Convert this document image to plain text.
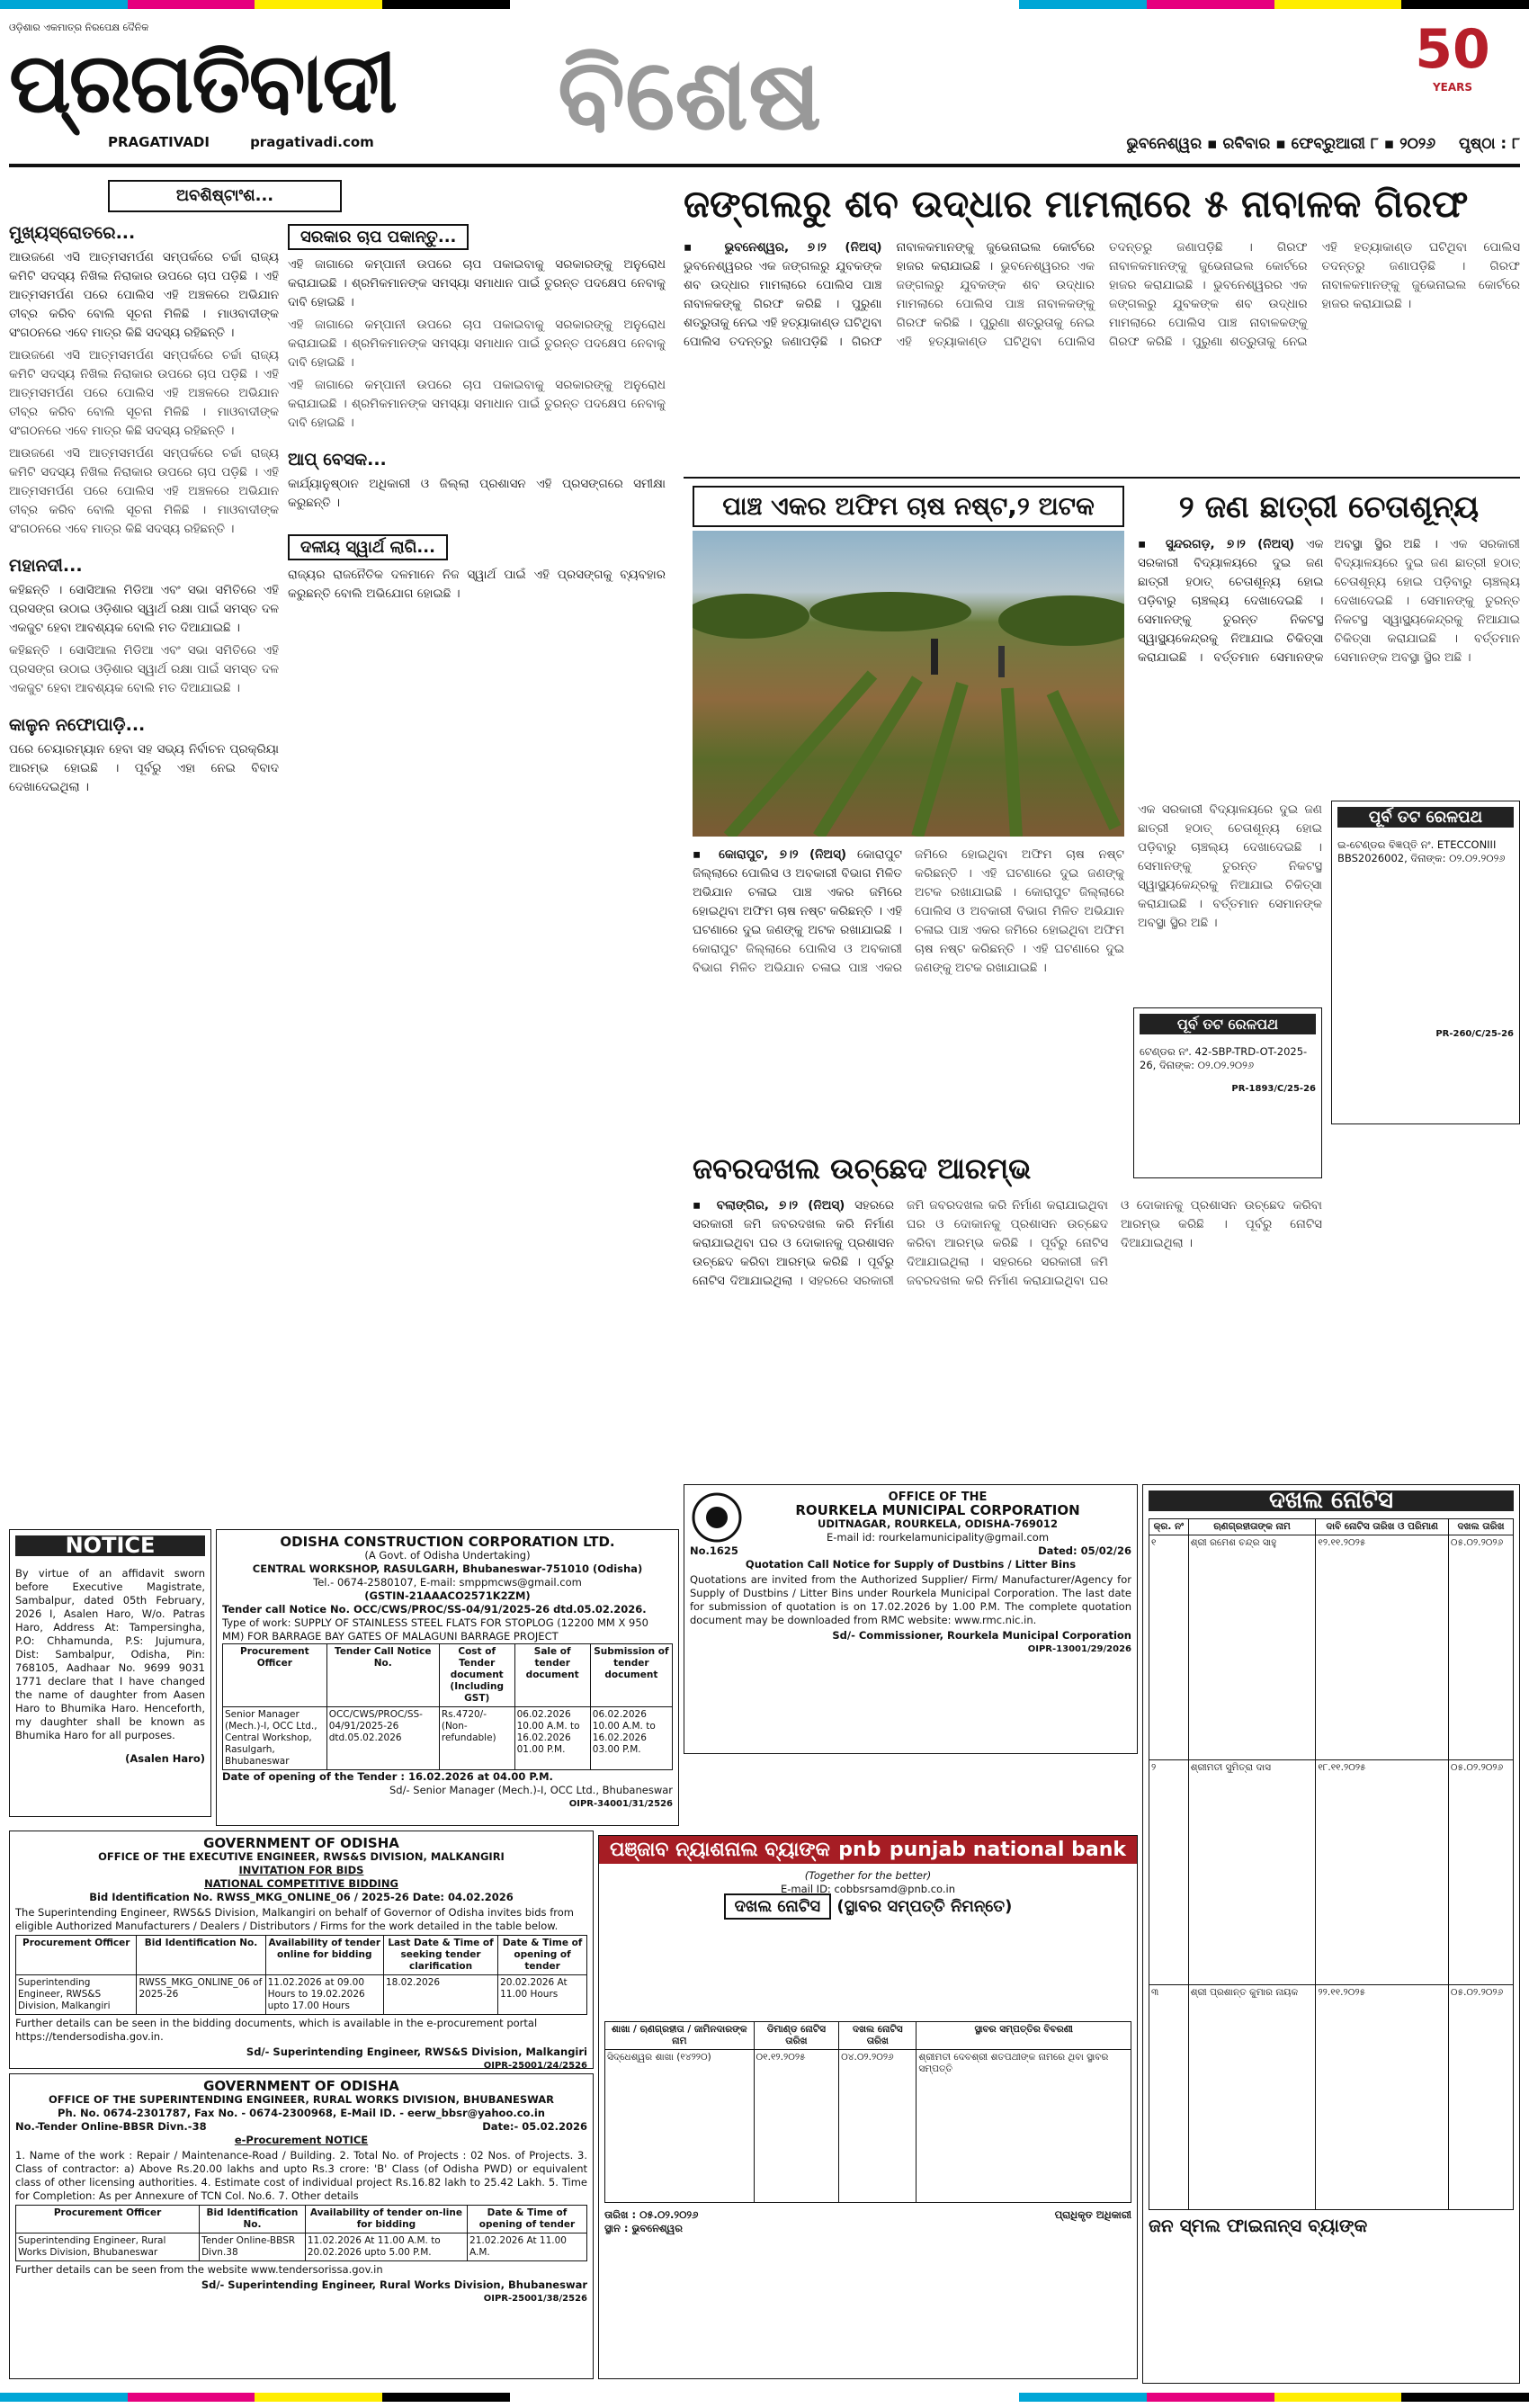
ଓଡ଼ିଶାର ଏକମାତ୍ର ନିରପେକ୍ଷ ଦୈନିକ
ପ୍ରଗତିବାଦୀ
PRAGATIVADI	pragativadi.com	ବିଶେଷ	50
YEARS
ଭୁବନେଶ୍ୱର ▪ ରବିବାର ▪ ଫେବ୍ରୁଆରୀ ୮ ▪ ୨୦୨୬ ପୃଷ୍ଠା : ୮
ଅବଶିଷ୍ଟାଂଶ...
ମୁଖ୍ୟସ୍ରୋତରେ...

ଆଉଜଣେ ଏସି ଆତ୍ମସମର୍ପଣ ସମ୍ପର୍କରେ ଚର୍ଚ୍ଚା ରାଜ୍ୟ କମିଟି ସଦସ୍ୟ ନିଖିଲ ନିରାକାର ଉପରେ ଚାପ ପଡ଼ିଛି । ଏହି ଆତ୍ମସମର୍ପଣ ପରେ ପୋଲିସ ଏହି ଅଞ୍ଚଳରେ ଅଭିଯାନ ତୀବ୍ର କରିବ ବୋଲି ସୂଚନା ମିଳିଛି । ମାଓବାଦୀଙ୍କ ସଂଗଠନରେ ଏବେ ମାତ୍ର କିଛି ସଦସ୍ୟ ରହିଛନ୍ତି ।

ଆଉଜଣେ ଏସି ଆତ୍ମସମର୍ପଣ ସମ୍ପର୍କରେ ଚର୍ଚ୍ଚା ରାଜ୍ୟ କମିଟି ସଦସ୍ୟ ନିଖିଲ ନିରାକାର ଉପରେ ଚାପ ପଡ଼ିଛି । ଏହି ଆତ୍ମସମର୍ପଣ ପରେ ପୋଲିସ ଏହି ଅଞ୍ଚଳରେ ଅଭିଯାନ ତୀବ୍ର କରିବ ବୋଲି ସୂଚନା ମିଳିଛି । ମାଓବାଦୀଙ୍କ ସଂଗଠନରେ ଏବେ ମାତ୍ର କିଛି ସଦସ୍ୟ ରହିଛନ୍ତି ।

ଆଉଜଣେ ଏସି ଆତ୍ମସମର୍ପଣ ସମ୍ପର୍କରେ ଚର୍ଚ୍ଚା ରାଜ୍ୟ କମିଟି ସଦସ୍ୟ ନିଖିଲ ନିରାକାର ଉପରେ ଚାପ ପଡ଼ିଛି । ଏହି ଆତ୍ମସମର୍ପଣ ପରେ ପୋଲିସ ଏହି ଅଞ୍ଚଳରେ ଅଭିଯାନ ତୀବ୍ର କରିବ ବୋଲି ସୂଚନା ମିଳିଛି । ମାଓବାଦୀଙ୍କ ସଂଗଠନରେ ଏବେ ମାତ୍ର କିଛି ସଦସ୍ୟ ରହିଛନ୍ତି ।

ମହାନଦୀ...

କହିଛନ୍ତି । ସୋସିଆଲ ମିଡିଆ ଏବଂ ସଭା ସମିତିରେ ଏହି ପ୍ରସଙ୍ଗ ଉଠାଇ ଓଡ଼ିଶାର ସ୍ୱାର୍ଥ ରକ୍ଷା ପାଇଁ ସମସ୍ତ ଦଳ ଏକଜୁଟ ହେବା ଆବଶ୍ୟକ ବୋଲି ମତ ଦିଆଯାଇଛି ।

କହିଛନ୍ତି । ସୋସିଆଲ ମିଡିଆ ଏବଂ ସଭା ସମିତିରେ ଏହି ପ୍ରସଙ୍ଗ ଉଠାଇ ଓଡ଼ିଶାର ସ୍ୱାର୍ଥ ରକ୍ଷା ପାଇଁ ସମସ୍ତ ଦଳ ଏକଜୁଟ ହେବା ଆବଶ୍ୟକ ବୋଲି ମତ ଦିଆଯାଇଛି ।

କାଳୁନ ନଫୋପାଡ଼ି...

ପରେ ଚେୟାରମ୍ୟାନ ହେବା ସହ ସଭ୍ୟ ନିର୍ବାଚନ ପ୍ରକ୍ରିୟା ଆରମ୍ଭ ହୋଇଛି । ପୂର୍ବରୁ ଏହା ନେଇ ବିବାଦ ଦେଖାଦେଇଥିଲା ।

ସରକାର ଚାପ ପକାନ୍ତୁ...

ଏହି ଜାଗାରେ କମ୍ପାନୀ ଉପରେ ଚାପ ପକାଇବାକୁ ସରକାରଙ୍କୁ ଅନୁରୋଧ କରାଯାଇଛି । ଶ୍ରମିକମାନଙ୍କ ସମସ୍ୟା ସମାଧାନ ପାଇଁ ତୁରନ୍ତ ପଦକ୍ଷେପ ନେବାକୁ ଦାବି ହୋଇଛି ।

ଏହି ଜାଗାରେ କମ୍ପାନୀ ଉପରେ ଚାପ ପକାଇବାକୁ ସରକାରଙ୍କୁ ଅନୁରୋଧ କରାଯାଇଛି । ଶ୍ରମିକମାନଙ୍କ ସମସ୍ୟା ସମାଧାନ ପାଇଁ ତୁରନ୍ତ ପଦକ୍ଷେପ ନେବାକୁ ଦାବି ହୋଇଛି ।

ଏହି ଜାଗାରେ କମ୍ପାନୀ ଉପରେ ଚାପ ପକାଇବାକୁ ସରକାରଙ୍କୁ ଅନୁରୋଧ କରାଯାଇଛି । ଶ୍ରମିକମାନଙ୍କ ସମସ୍ୟା ସମାଧାନ ପାଇଁ ତୁରନ୍ତ ପଦକ୍ଷେପ ନେବାକୁ ଦାବି ହୋଇଛି ।

ଆପ୍ ବେସକ...

କାର୍ଯ୍ୟାନୁଷ୍ଠାନ ଅଧିକାରୀ ଓ ଜିଲ୍ଲା ପ୍ରଶାସନ ଏହି ପ୍ରସଙ୍ଗରେ ସମୀକ୍ଷା କରୁଛନ୍ତି ।

ଦଳୀୟ ସ୍ୱାର୍ଥ ଲାଗି...

ରାଜ୍ୟର ରାଜନୈତିକ ଦଳମାନେ ନିଜ ସ୍ୱାର୍ଥ ପାଇଁ ଏହି ପ୍ରସଙ୍ଗକୁ ବ୍ୟବହାର କରୁଛନ୍ତି ବୋଲି ଅଭିଯୋଗ ହୋଇଛି ।

ଜଙ୍ଗଲରୁ ଶବ ଉଦ୍ଧାର ମାମଲାରେ ୫ ନାବାଳକ ଗିରଫ
▪ ଭୁବନେଶ୍ୱର, ୭।୨ (ନିଅସ୍‌) ଭୁବନେଶ୍ୱରର ଏକ ଜଙ୍ଗଲରୁ ଯୁବକଙ୍କ ଶବ ଉଦ୍ଧାର ମାମଲାରେ ପୋଲିସ ପାଞ୍ଚ ନାବାଳକଙ୍କୁ ଗିରଫ କରିଛି । ପୁରୁଣା ଶତ୍ରୁତାକୁ ନେଇ ଏହି ହତ୍ୟାକାଣ୍ଡ ଘଟିଥିବା ପୋଲିସ ତଦନ୍ତରୁ ଜଣାପଡ଼ିଛି । ଗିରଫ ନାବାଳକମାନଙ୍କୁ ଜୁଭେନାଇଲ କୋର୍ଟରେ ହାଜର କରାଯାଇଛି । ଭୁବନେଶ୍ୱରର ଏକ ଜଙ୍ଗଲରୁ ଯୁବକଙ୍କ ଶବ ଉଦ୍ଧାର ମାମଲାରେ ପୋଲିସ ପାଞ୍ଚ ନାବାଳକଙ୍କୁ ଗିରଫ କରିଛି । ପୁରୁଣା ଶତ୍ରୁତାକୁ ନେଇ ଏହି ହତ୍ୟାକାଣ୍ଡ ଘଟିଥିବା ପୋଲିସ ତଦନ୍ତରୁ ଜଣାପଡ଼ିଛି । ଗିରଫ ନାବାଳକମାନଙ୍କୁ ଜୁଭେନାଇଲ କୋର୍ଟରେ ହାଜର କରାଯାଇଛି । ଭୁବନେଶ୍ୱରର ଏକ ଜଙ୍ଗଲରୁ ଯୁବକଙ୍କ ଶବ ଉଦ୍ଧାର ମାମଲାରେ ପୋଲିସ ପାଞ୍ଚ ନାବାଳକଙ୍କୁ ଗିରଫ କରିଛି । ପୁରୁଣା ଶତ୍ରୁତାକୁ ନେଇ ଏହି ହତ୍ୟାକାଣ୍ଡ ଘଟିଥିବା ପୋଲିସ ତଦନ୍ତରୁ ଜଣାପଡ଼ିଛି । ଗିରଫ ନାବାଳକମାନଙ୍କୁ ଜୁଭେନାଇଲ କୋର୍ଟରେ ହାଜର କରାଯାଇଛି ।
ପାଞ୍ଚ ଏକର ଅଫିମ ଚାଷ ନଷ୍ଟ,୨ ଅଟକ
▪ କୋରାପୁଟ, ୭।୨ (ନିଅସ୍‌) କୋରାପୁଟ ଜିଲ୍ଲାରେ ପୋଲିସ ଓ ଅବକାରୀ ବିଭାଗ ମିଳିତ ଅଭିଯାନ ଚଳାଇ ପାଞ୍ଚ ଏକର ଜମିରେ ହୋଇଥିବା ଅଫିମ ଚାଷ ନଷ୍ଟ କରିଛନ୍ତି । ଏହି ଘଟଣାରେ ଦୁଇ ଜଣଙ୍କୁ ଅଟକ ରଖାଯାଇଛି । କୋରାପୁଟ ଜିଲ୍ଲାରେ ପୋଲିସ ଓ ଅବକାରୀ ବିଭାଗ ମିଳିତ ଅଭିଯାନ ଚଳାଇ ପାଞ୍ଚ ଏକର ଜମିରେ ହୋଇଥିବା ଅଫିମ ଚାଷ ନଷ୍ଟ କରିଛନ୍ତି । ଏହି ଘଟଣାରେ ଦୁଇ ଜଣଙ୍କୁ ଅଟକ ରଖାଯାଇଛି । କୋରାପୁଟ ଜିଲ୍ଲାରେ ପୋଲିସ ଓ ଅବକାରୀ ବିଭାଗ ମିଳିତ ଅଭିଯାନ ଚଳାଇ ପାଞ୍ଚ ଏକର ଜମିରେ ହୋଇଥିବା ଅଫିମ ଚାଷ ନଷ୍ଟ କରିଛନ୍ତି । ଏହି ଘଟଣାରେ ଦୁଇ ଜଣଙ୍କୁ ଅଟକ ରଖାଯାଇଛି ।
୨ ଜଣ ଛାତ୍ରୀ ଚେତାଶୂନ୍ୟ
▪ ସୁନ୍ଦରଗଡ଼, ୭।୨ (ନିଅସ୍‌) ଏକ ସରକାରୀ ବିଦ୍ୟାଳୟରେ ଦୁଇ ଜଣ ଛାତ୍ରୀ ହଠାତ୍ ଚେତାଶୂନ୍ୟ ହୋଇ ପଡ଼ିବାରୁ ଚାଞ୍ଚଲ୍ୟ ଦେଖାଦେଇଛି । ସେମାନଙ୍କୁ ତୁରନ୍ତ ନିକଟସ୍ଥ ସ୍ୱାସ୍ଥ୍ୟକେନ୍ଦ୍ରକୁ ନିଆଯାଇ ଚିକିତ୍ସା କରାଯାଇଛି । ବର୍ତ୍ତମାନ ସେମାନଙ୍କ ଅବସ୍ଥା ସ୍ଥିର ଅଛି । ଏକ ସରକାରୀ ବିଦ୍ୟାଳୟରେ ଦୁଇ ଜଣ ଛାତ୍ରୀ ହଠାତ୍ ଚେତାଶୂନ୍ୟ ହୋଇ ପଡ଼ିବାରୁ ଚାଞ୍ଚଲ୍ୟ ଦେଖାଦେଇଛି । ସେମାନଙ୍କୁ ତୁରନ୍ତ ନିକଟସ୍ଥ ସ୍ୱାସ୍ଥ୍ୟକେନ୍ଦ୍ରକୁ ନିଆଯାଇ ଚିକିତ୍ସା କରାଯାଇଛି । ବର୍ତ୍ତମାନ ସେମାନଙ୍କ ଅବସ୍ଥା ସ୍ଥିର ଅଛି ।
ପୂର୍ବ ତଟ ରେଳପଥ

ଇ-ଟେଣ୍ଡର ବିଜ୍ଞପ୍ତି ନଂ. ETECCONIII BBS2026002, ଦିନାଙ୍କ: ୦୨.୦୨.୨୦୨୬

PR-260/C/25-26
ଏକ ସରକାରୀ ବିଦ୍ୟାଳୟରେ ଦୁଇ ଜଣ ଛାତ୍ରୀ ହଠାତ୍ ଚେତାଶୂନ୍ୟ ହୋଇ ପଡ଼ିବାରୁ ଚାଞ୍ଚଲ୍ୟ ଦେଖାଦେଇଛି । ସେମାନଙ୍କୁ ତୁରନ୍ତ ନିକଟସ୍ଥ ସ୍ୱାସ୍ଥ୍ୟକେନ୍ଦ୍ରକୁ ନିଆଯାଇ ଚିକିତ୍ସା କରାଯାଇଛି । ବର୍ତ୍ତମାନ ସେମାନଙ୍କ ଅବସ୍ଥା ସ୍ଥିର ଅଛି ।
ପୂର୍ବ ତଟ ରେଳପଥ

ଟେଣ୍ଡର ନଂ. 42-SBP-TRD-OT-2025-26, ଦିନାଙ୍କ: ୦୨.୦୨.୨୦୨୬

PR-1893/C/25-26
ଜବରଦଖଲ ଉଚ୍ଛେଦ ଆରମ୍ଭ
▪ ବଲାଙ୍ଗିର, ୭।୨ (ନିଅସ୍‌) ସହରରେ ସରକାରୀ ଜମି ଜବରଦଖଲ କରି ନିର୍ମାଣ କରାଯାଇଥିବା ଘର ଓ ଦୋକାନକୁ ପ୍ରଶାସନ ଉଚ୍ଛେଦ କରିବା ଆରମ୍ଭ କରିଛି । ପୂର୍ବରୁ ନୋଟିସ ଦିଆଯାଇଥିଲା । ସହରରେ ସରକାରୀ ଜମି ଜବରଦଖଲ କରି ନିର୍ମାଣ କରାଯାଇଥିବା ଘର ଓ ଦୋକାନକୁ ପ୍ରଶାସନ ଉଚ୍ଛେଦ କରିବା ଆରମ୍ଭ କରିଛି । ପୂର୍ବରୁ ନୋଟିସ ଦିଆଯାଇଥିଲା । ସହରରେ ସରକାରୀ ଜମି ଜବରଦଖଲ କରି ନିର୍ମାଣ କରାଯାଇଥିବା ଘର ଓ ଦୋକାନକୁ ପ୍ରଶାସନ ଉଚ୍ଛେଦ କରିବା ଆରମ୍ଭ କରିଛି । ପୂର୍ବରୁ ନୋଟିସ ଦିଆଯାଇଥିଲା ।
NOTICE

By virtue of an affidavit sworn before Executive Magistrate, Sambalpur, dated 05th February, 2026 I, Asalen Haro, W/o. Patras Haro, Address At: Tampersingha, P.O: Chhamunda, P.S: Jujumura, Dist: Sambalpur, Odisha, Pin: 768105, Aadhaar No. 9699 9031 1771 declare that I have changed the name of daughter from Aasen Haro to Bhumika Haro. Henceforth, my daughter shall be known as Bhumika Haro for all purposes.

(Asalen Haro)
ODISHA CONSTRUCTION CORPORATION LTD.
(A Govt. of Odisha Undertaking)
CENTRAL WORKSHOP, RASULGARH, Bhubaneswar-751010 (Odisha)
Tel.- 0674-2580107, E-mail: smppmcws@gmail.com
(GSTIN-21AAACO2571K2ZM)
Tender call Notice No. OCC/CWS/PROC/SS-04/91/2025-26 dtd.05.02.2026.
Type of work: SUPPLY OF STAINLESS STEEL FLATS FOR STOPLOG (12200 MM X 950 MM) FOR BARRAGE BAY GATES OF MALAGUNI BARRAGE PROJECT
Procurement Officer	Tender Call Notice No.	Cost of Tender document (Including GST)	Sale of tender document	Submission of tender document
Senior Manager (Mech.)-I, OCC Ltd., Central Workshop, Rasulgarh, Bhubaneswar	OCC/CWS/PROC/SS-04/91/2025-26 dtd.05.02.2026	Rs.4720/- (Non-refundable)	06.02.2026 10.00 A.M. to 16.02.2026 01.00 P.M.	06.02.2026 10.00 A.M. to 16.02.2026 03.00 P.M.
Date of opening of the Tender : 16.02.2026 at 04.00 P.M.
Sd/- Senior Manager (Mech.)-I, OCC Ltd., Bhubaneswar
OIPR-34001/31/2526
OFFICE OF THE
ROURKELA MUNICIPAL CORPORATION
UDITNAGAR, ROURKELA, ODISHA-769012
E-mail id: rourkelamunicipality@gmail.com
No.1625	Dated: 05/02/26
Quotation Call Notice for Supply of Dustbins / Litter Bins

Quotations are invited from the Authorized Supplier/ Firm/ Manufacturer/Agency for Supply of Dustbins / Litter Bins under Rourkela Municipal Corporation. The last date for submission of quotation is on 17.02.2026 by 1.00 P.M. The complete quotation document may be downloaded from RMC website: www.rmc.nic.in.

Sd/- Commissioner, Rourkela Municipal Corporation
OIPR-13001/29/2026
ଦଖଲ ନୋଟିସ
କ୍ର. ନଂ	ଋଣଗ୍ରହୀତାଙ୍କ ନାମ	ଦାବି ନୋଟିସ ତାରିଖ ଓ ପରିମାଣ	ଦଖଲ ତାରିଖ
୧	ଶ୍ରୀ ରମେଶ ଚନ୍ଦ୍ର ସାହୁ	୧୨.୧୧.୨୦୨୫	୦୫.୦୨.୨୦୨୬
୨	ଶ୍ରୀମତୀ ସୁମିତ୍ରା ଦାସ	୧୮.୧୧.୨୦୨୫	୦୫.୦୨.୨୦୨୬
୩	ଶ୍ରୀ ପ୍ରଶାନ୍ତ କୁମାର ନାୟକ	୨୨.୧୧.୨୦୨୫	୦୫.୦୨.୨୦୨୬
ଜନ ସ୍ମଲ ଫାଇନାନ୍ସ ବ୍ୟାଙ୍କ
GOVERNMENT OF ODISHA
OFFICE OF THE EXECUTIVE ENGINEER, RWS&S DIVISION, MALKANGIRI
INVITATION FOR BIDS
NATIONAL COMPETITIVE BIDDING
Bid Identification No. RWSS_MKG_ONLINE_06 / 2025-26 Date: 04.02.2026

The Superintending Engineer, RWS&S Division, Malkangiri on behalf of Governor of Odisha invites bids from eligible Authorized Manufacturers / Dealers / Distributors / Firms for the work detailed in the table below.

Procurement Officer	Bid Identification No.	Availability of tender online for bidding	Last Date & Time of seeking tender clarification	Date & Time of opening of tender
Superintending Engineer, RWS&S Division, Malkangiri	RWSS_MKG_ONLINE_06 of 2025-26	11.02.2026 at 09.00 Hours to 19.02.2026 upto 17.00 Hours	18.02.2026	20.02.2026 At 11.00 Hours

Further details can be seen in the bidding documents, which is available in the e-procurement portal https://tendersodisha.gov.in.

Sd/- Superintending Engineer, RWS&S Division, Malkangiri
OIPR-25001/24/2526
GOVERNMENT OF ODISHA
OFFICE OF THE SUPERINTENDING ENGINEER, RURAL WORKS DIVISION, BHUBANESWAR
Ph. No. 0674-2301787, Fax No. - 0674-2300968, E-Mail ID. - eerw_bbsr@yahoo.co.in
No.-Tender Online-BBSR Divn.-38	Date:- 05.02.2026
e-Procurement NOTICE

1. Name of the work : Repair / Maintenance-Road / Building. 2. Total No. of Projects : 02 Nos. of Projects. 3. Class of contractor: a) Above Rs.20.00 lakhs and upto Rs.3 crore: 'B' Class (of Odisha PWD) or equivalent class of other licensing authorities. 4. Estimate cost of individual project Rs.16.82 lakh to 25.42 Lakh. 5. Time for Completion: As per Annexure of TCN Col. No.6. 7. Other details

Procurement Officer	Bid Identification No.	Availability of tender on-line for bidding	Date & Time of opening of tender
Superintending Engineer, Rural Works Division, Bhubaneswar	Tender Online-BBSR Divn.38	11.02.2026 At 11.00 A.M. to 20.02.2026 upto 5.00 P.M.	21.02.2026 At 11.00 A.M.

Further details can be seen from the website www.tendersorissa.gov.in

Sd/- Superintending Engineer, Rural Works Division, Bhubaneswar
OIPR-25001/38/2526
ପଞ୍ଜାବ ନ୍ୟାଶନାଲ ବ୍ୟାଙ୍କ pnb punjab national bank
(Together for the better)
E-mail ID: cobbsrsamd@pnb.co.in
ଦଖଲ ନୋଟିସ (ସ୍ଥାବର ସମ୍ପତ୍ତି ନିମନ୍ତେ)
ଶାଖା / ଋଣଗ୍ରହୀତା / ଜାମିନଦାରଙ୍କ ନାମ	ଡିମାଣ୍ଡ ନୋଟିସ ତାରିଖ	ଦଖଲ ନୋଟିସ ତାରିଖ	ସ୍ଥାବର ସମ୍ପତ୍ତିର ବିବରଣୀ
ସିଦ୍ଧେଶ୍ୱର ଶାଖା (୧୪୨୨୦)	୦୧.୧୨.୨୦୨୫	୦୪.୦୨.୨୦୨୬	ଶ୍ରୀମତୀ ଦେବଶ୍ରୀ ଶତପଥୀଙ୍କ ନାମରେ ଥିବା ସ୍ଥାବର ସମ୍ପତ୍ତି
ତାରିଖ : ୦୫.୦୨.୨୦୨୬
ସ୍ଥାନ : ଭୁବନେଶ୍ୱର
ପ୍ରାଧିକୃତ ଅଧିକାରୀ
